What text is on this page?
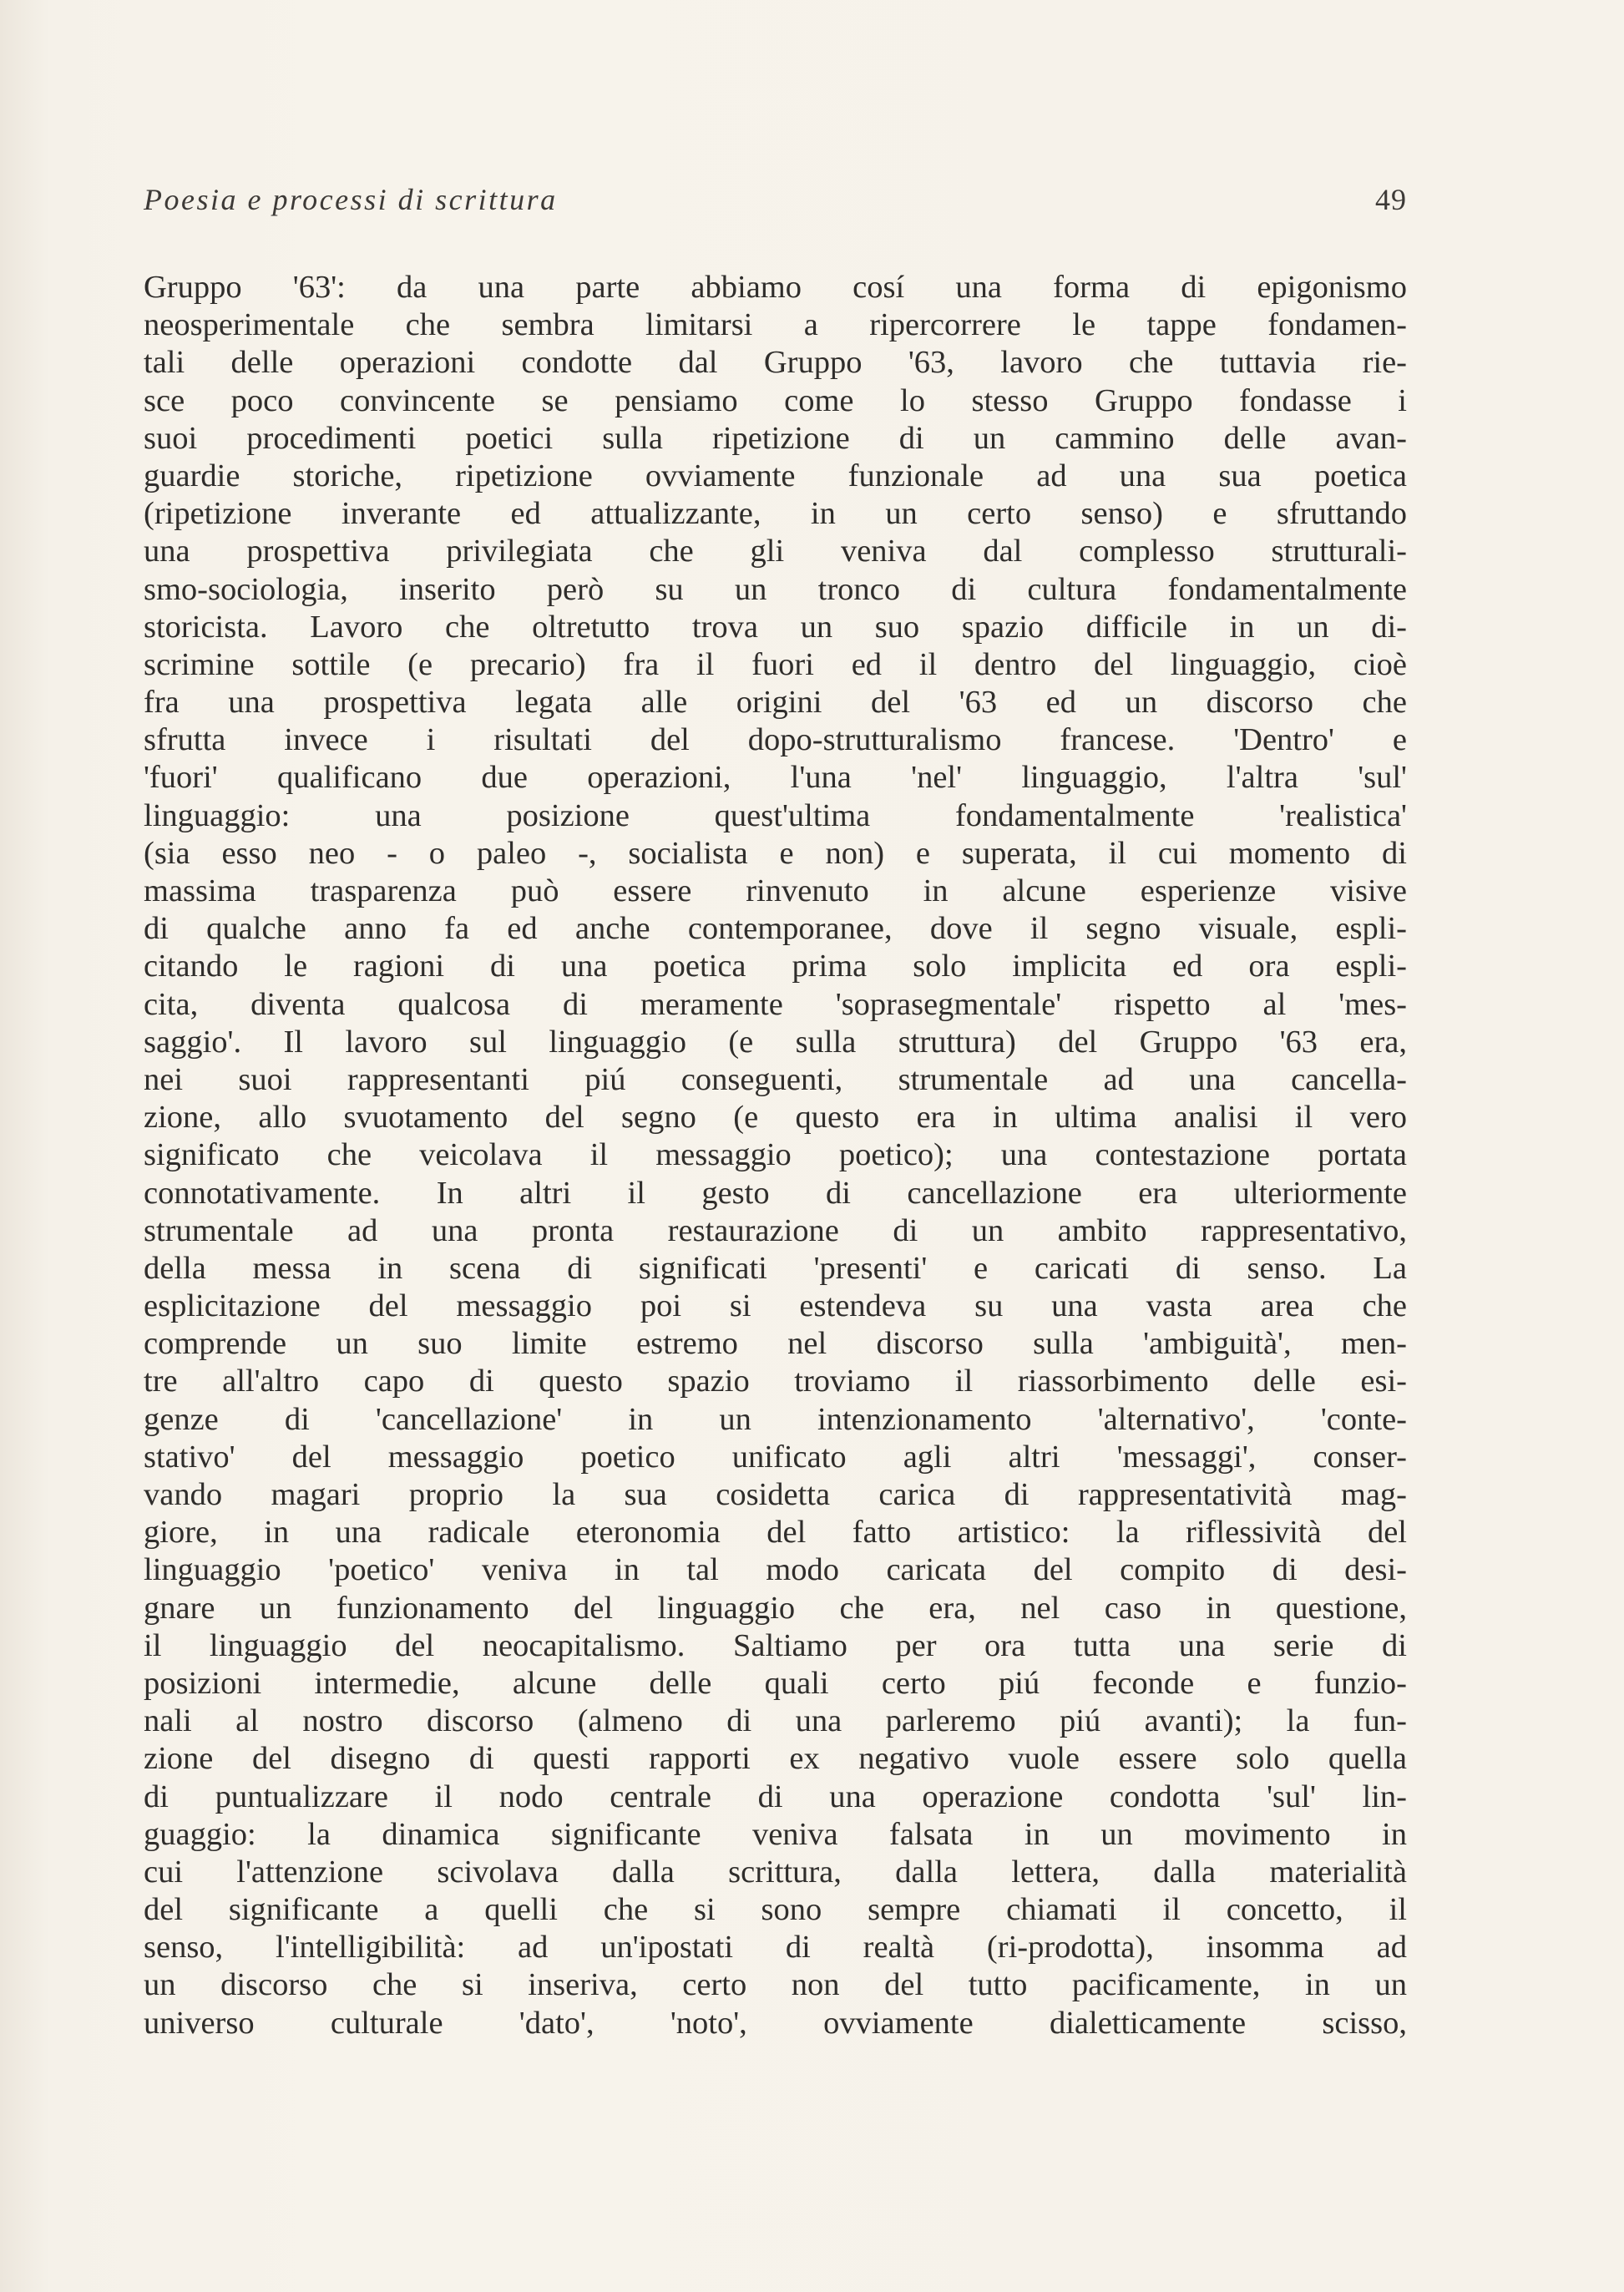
Poesia e processi di scrittura	49
Gruppo '63': da una parte abbiamo cosí una forma di epigonismo
neosperimentale che sembra limitarsi a ripercorrere le tappe fondamen-
tali delle operazioni condotte dal Gruppo '63, lavoro che tuttavia rie-
sce poco convincente se pensiamo come lo stesso Gruppo fondasse i
suoi procedimenti poetici sulla ripetizione di un cammino delle avan-
guardie storiche, ripetizione ovviamente funzionale ad una sua poetica
(ripetizione inverante ed attualizzante, in un certo senso) e sfruttando
una prospettiva privilegiata che gli veniva dal complesso strutturali-
smo-sociologia, inserito però su un tronco di cultura fondamentalmente
storicista. Lavoro che oltretutto trova un suo spazio difficile in un di-
scrimine sottile (e precario) fra il fuori ed il dentro del linguaggio, cioè
fra una prospettiva legata alle origini del '63 ed un discorso che
sfrutta invece i risultati del dopo-strutturalismo francese. 'Dentro' e
'fuori' qualificano due operazioni, l'una 'nel' linguaggio, l'altra 'sul'
linguaggio: una posizione quest'ultima fondamentalmente 'realistica'
(sia esso neo - o paleo -, socialista e non) e superata, il cui momento di
massima trasparenza può essere rinvenuto in alcune esperienze visive
di qualche anno fa ed anche contemporanee, dove il segno visuale, espli-
citando le ragioni di una poetica prima solo implicita ed ora espli-
cita, diventa qualcosa di meramente 'soprasegmentale' rispetto al 'mes-
saggio'. Il lavoro sul linguaggio (e sulla struttura) del Gruppo '63 era,
nei suoi rappresentanti piú conseguenti, strumentale ad una cancella-
zione, allo svuotamento del segno (e questo era in ultima analisi il vero
significato che veicolava il messaggio poetico); una contestazione portata
connotativamente. In altri il gesto di cancellazione era ulteriormente
strumentale ad una pronta restaurazione di un ambito rappresentativo,
della messa in scena di significati 'presenti' e caricati di senso. La
esplicitazione del messaggio poi si estendeva su una vasta area che
comprende un suo limite estremo nel discorso sulla 'ambiguità', men-
tre all'altro capo di questo spazio troviamo il riassorbimento delle esi-
genze di 'cancellazione' in un intenzionamento 'alternativo', 'conte-
stativo' del messaggio poetico unificato agli altri 'messaggi', conser-
vando magari proprio la sua cosidetta carica di rappresentatività mag-
giore, in una radicale eteronomia del fatto artistico: la riflessività del
linguaggio 'poetico' veniva in tal modo caricata del compito di desi-
gnare un funzionamento del linguaggio che era, nel caso in questione,
il linguaggio del neocapitalismo. Saltiamo per ora tutta una serie di
posizioni intermedie, alcune delle quali certo piú feconde e funzio-
nali al nostro discorso (almeno di una parleremo piú avanti); la fun-
zione del disegno di questi rapporti ex negativo vuole essere solo quella
di puntualizzare il nodo centrale di una operazione condotta 'sul' lin-
guaggio: la dinamica significante veniva falsata in un movimento in
cui l'attenzione scivolava dalla scrittura, dalla lettera, dalla materialità
del significante a quelli che si sono sempre chiamati il concetto, il
senso, l'intelligibilità: ad un'ipostati di realtà (ri-prodotta), insomma ad
un discorso che si inseriva, certo non del tutto pacificamente, in un
universo culturale 'dato', 'noto', ovviamente dialetticamente scisso,
